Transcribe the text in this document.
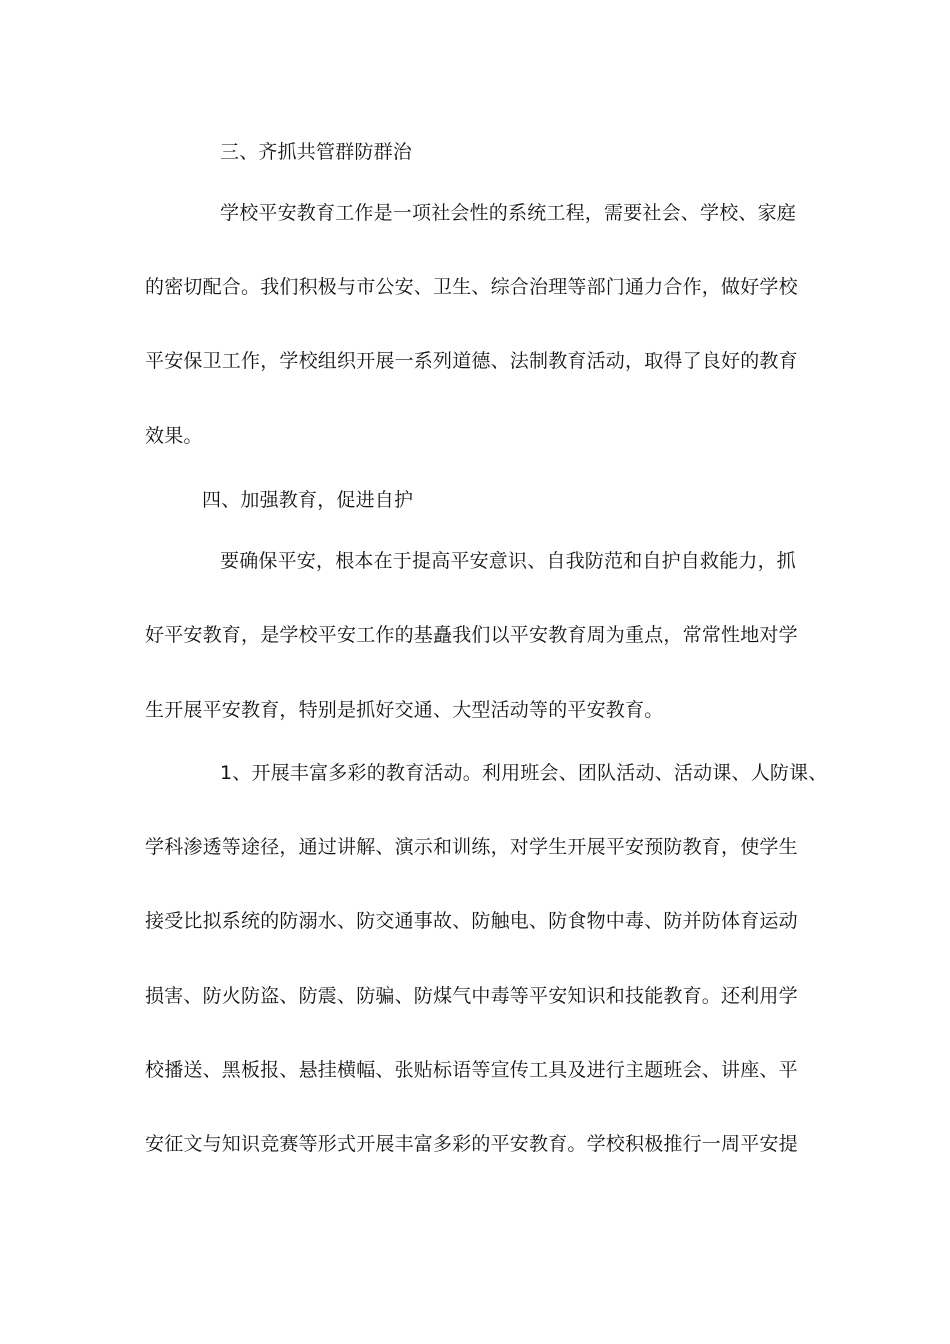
三、齐抓共管群防群治
学校平安教育工作是一项社会性的系统工程，需要社会、学校、家庭
的密切配合。我们积极与市公安、卫生、综合治理等部门通力合作，做好学校
平安保卫工作，学校组织开展一系列道德、法制教育活动，取得了良好的教育
效果。
四、加强教育，促进自护
要确保平安，根本在于提高平安意识、自我防范和自护自救能力，抓
好平安教育，是学校平安工作的基矗我们以平安教育周为重点，常常性地对学
生开展平安教育，特别是抓好交通、大型活动等的平安教育。
1、开展丰富多彩的教育活动。利用班会、团队活动、活动课、人防课、
学科渗透等途径，通过讲解、演示和训练，对学生开展平安预防教育，使学生
接受比拟系统的防溺水、防交通事故、防触电、防食物中毒、防并防体育运动
损害、防火防盗、防震、防骗、防煤气中毒等平安知识和技能教育。还利用学
校播送、黑板报、悬挂横幅、张贴标语等宣传工具及进行主题班会、讲座、平
安征文与知识竞赛等形式开展丰富多彩的平安教育。学校积极推行一周平安提
